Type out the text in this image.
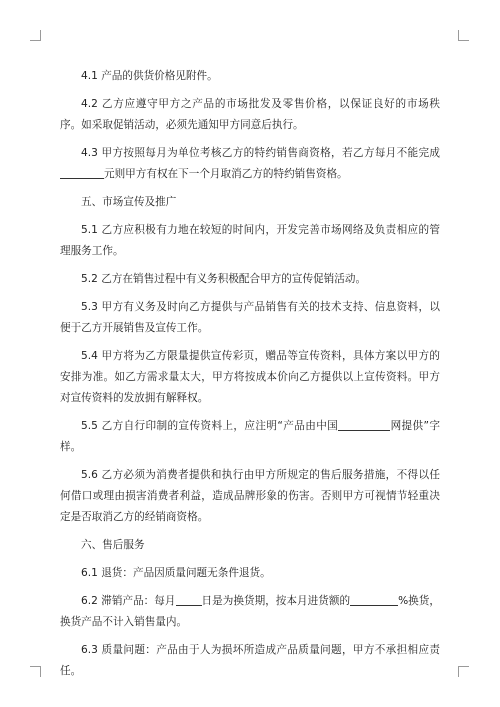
4.1 产品的供货价格见附件。

4.2 乙方应遵守甲方之产品的市场批发及零售价格，以保证良好的市场秩序。如采取促销活动，必须先通知甲方同意后执行。

4.3 甲方按照每月为单位考核乙方的特约销售商资格，若乙方每月不能完成元则甲方有权在下一个月取消乙方的特约销售资格。

五、市场宣传及推广

5.1 乙方应积极有力地在较短的时间内，开发完善市场网络及负责相应的管理服务工作。

5.2 乙方在销售过程中有义务积极配合甲方的宣传促销活动。

5.3 甲方有义务及时向乙方提供与产品销售有关的技术支持、信息资料，以便于乙方开展销售及宣传工作。

5.4 甲方将为乙方限量提供宣传彩页，赠品等宣传资料，具体方案以甲方的安排为准。如乙方需求量太大，甲方将按成本价向乙方提供以上宣传资料。甲方对宣传资料的发放拥有解释权。

5.5 乙方自行印制的宣传资料上，应注明“产品由中国	网提供”字样。

5.6 乙方必须为消费者提供和执行由甲方所规定的售后服务措施，不得以任何借口或理由损害消费者利益，造成品牌形象的伤害。否则甲方可视情节轻重决定是否取消乙方的经销商资格。

六、售后服务

6.1 退货：产品因质量问题无条件退货。

6.2 滞销产品：每月 日是为换货期，按本月进货额的	%换货，换货产品不计入销售量内。

6.3 质量问题：产品由于人为损坏所造成产品质量问题，甲方不承担相应责任。
